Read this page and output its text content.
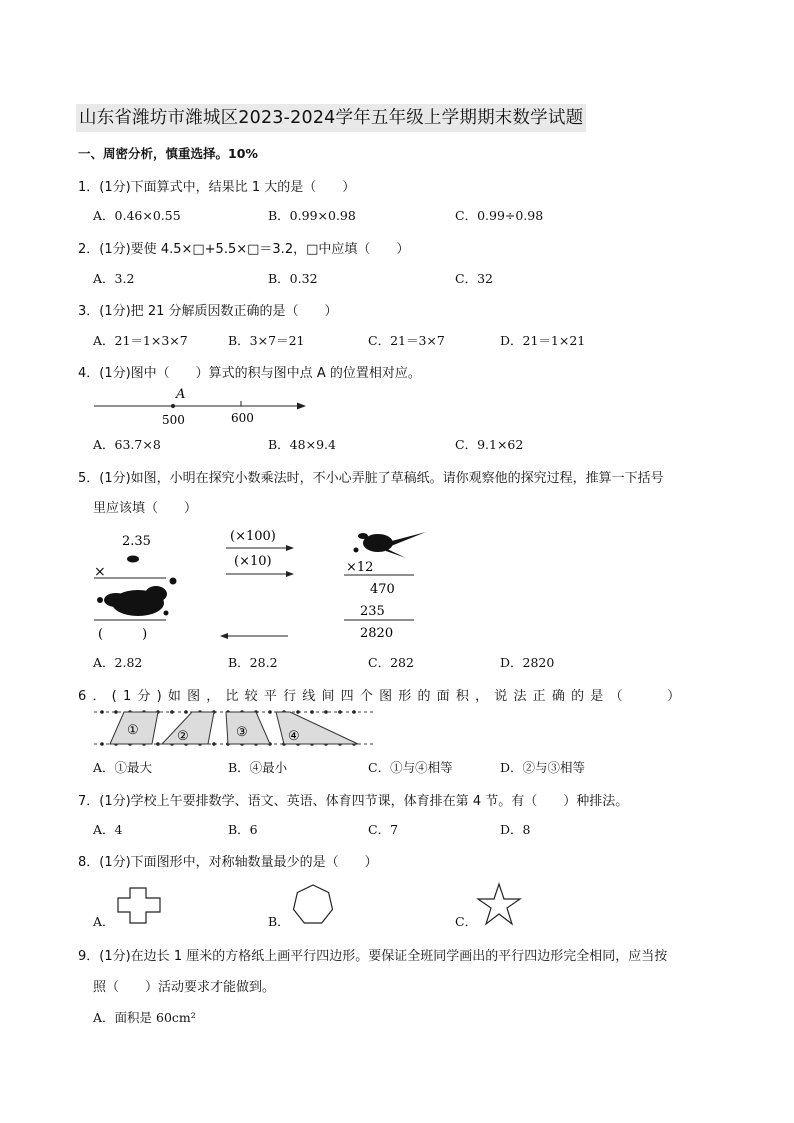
山东省潍坊市潍城区2023-2024学年五年级上学期期末数学试题
一、周密分析，慎重选择。10%
1．(1分)下面算式中，结果比 1 大的是（　　）
A．0.46×0.55	B．0.99×0.98	C．0.99÷0.98
2．(1分)要使 4.5×□+5.5×□＝3.2，□中应填（　　）
A．3.2	B．0.32	C．32
3．(1分)把 21 分解质因数正确的是（　　）
A．21＝1×3×7	B．3×7＝21	C．21＝3×7	D．21＝1×21
4．(1分)图中（　　）算式的积与图中点 A 的位置相对应。
A
500	600
A．63.7×8	B．48×9.4	C．9.1×62
5．(1分)如图，小明在探究小数乘法时，不小心弄脏了草稿纸。请你观察他的探究过程，推算一下括号
里应该填（　　）
2.35
×
(　　　)
(×100)
(×10)	×12
470
235
2820
A．2.82	B．28.2	C．282	D．2820
6．(1分)如图，比较平行线间四个图形的面积，说法正确的是（　　）
①	②	③	④
A．①最大	B．④最小	C．①与④相等	D．②与③相等
7．(1分)学校上午要排数学、语文、英语、体育四节课，体育排在第 4 节。有（　　）种排法。
A．4	B．6	C．7	D．8
8．(1分)下面图形中，对称轴数量最少的是（　　）
A．	B．	C．
9．(1分)在边长 1 厘米的方格纸上画平行四边形。要保证全班同学画出的平行四边形完全相同，应当按
照（　　）活动要求才能做到。
A．面积是 60cm²
